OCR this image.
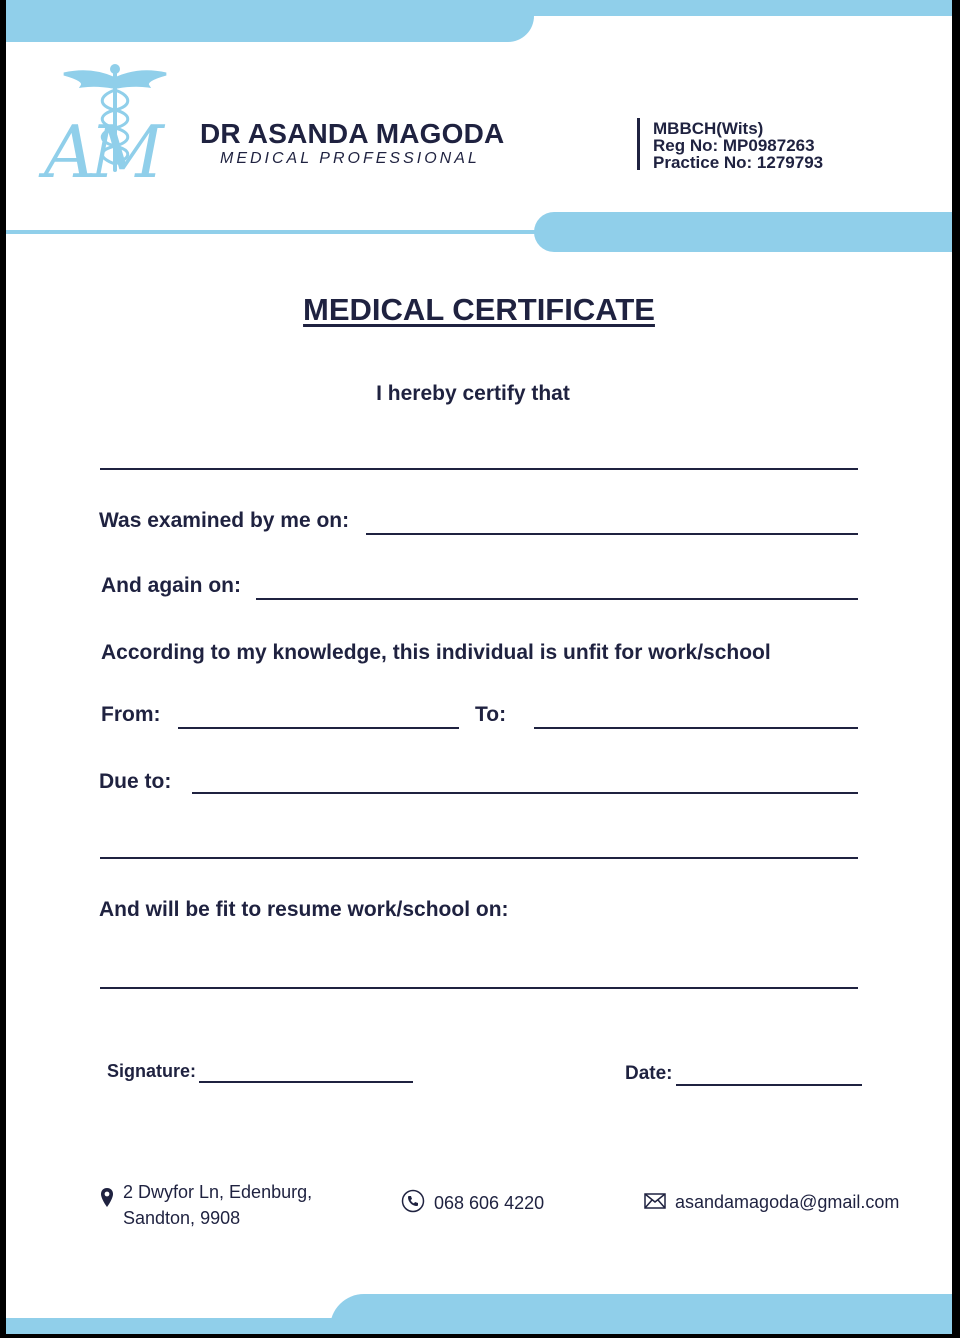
AM DR ASANDA MAGODA
MEDICAL PROFESSIONAL
MBBCH(Wits)
Reg No: MP0987263
Practice No: 1279793
MEDICAL CERTIFICATE
I hereby certify that
Was examined by me on:
And again on:
According to my knowledge, this individual is unfit for work/school
From:	To:
Due to:
And will be fit to resume work/school on:
Signature:	Date:
2 Dwyfor Ln, Edenburg,
Sandton, 9908
068 606 4220	asandamagoda@gmail.com
